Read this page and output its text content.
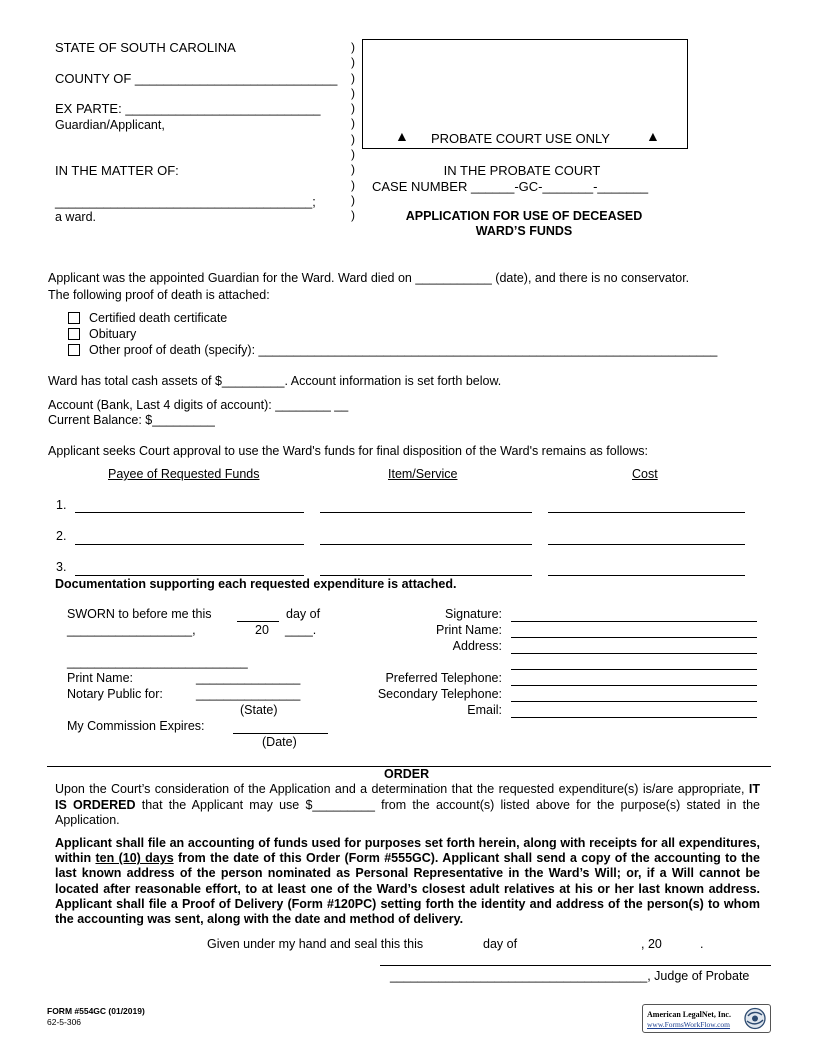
STATE OF SOUTH CAROLINA
COUNTY OF ____________________________
EX PARTE: ___________________________
Guardian/Applicant,
IN THE MATTER OF:
_____________________________________;
a ward.
)
)
)
)
)
)
)
)
)
)
)
)
▲ PROBATE COURT USE ONLY	▲
IN THE PROBATE COURT
CASE NUMBER ______-GC-_______-_______
APPLICATION FOR USE OF DECEASED
WARD’S FUNDS
Applicant was the appointed Guardian for the Ward. Ward died on ___________ (date), and there is no conservator.
The following proof of death is attached:
Certified death certificate
Obituary
Other proof of death (specify): __________________________________________________________________
Ward has total cash assets of $_________. Account information is set forth below.
Account (Bank, Last 4 digits of account): ________ __
Current Balance: $_________
Applicant seeks Court approval to use the Ward's funds for final disposition of the Ward's remains as follows:
Payee of Requested Funds	Item/Service	Cost
1.
2.
3.
Documentation supporting each requested expenditure is attached.
SWORN to before me this	day of
__________________,	20 ____.
__________________________
Print Name:	_______________
Notary Public for:	_______________
(State)
My Commission Expires:
(Date)
Signature:
Print Name:
Address:
Preferred Telephone:
Secondary Telephone:
Email:
ORDER
Upon the Court’s consideration of the Application and a determination that the requested expenditure(s) is/are appropriate, IT IS ORDERED that the Applicant may use $_________ from the account(s) listed above for the purpose(s) stated in the Application.
Applicant shall file an accounting of funds used for purposes set forth herein, along with receipts for all expenditures, within ten (10) days from the date of this Order (Form #555GC). Applicant shall send a copy of the accounting to the last known address of the person nominated as Personal Representative in the Ward’s Will; or, if a Will cannot be located after reasonable effort, to at least one of the Ward’s closest adult relatives at his or her last known address. Applicant shall file a Proof of Delivery (Form #120PC) setting forth the identity and address of the person(s) to whom the accounting was sent, along with the date and method of delivery.
Given under my hand and seal this this	day of	, 20	.
_____________________________________, Judge of Probate
FORM #554GC (01/2019)
62-5-306
American LegalNet, Inc.
www.FormsWorkFlow.com
